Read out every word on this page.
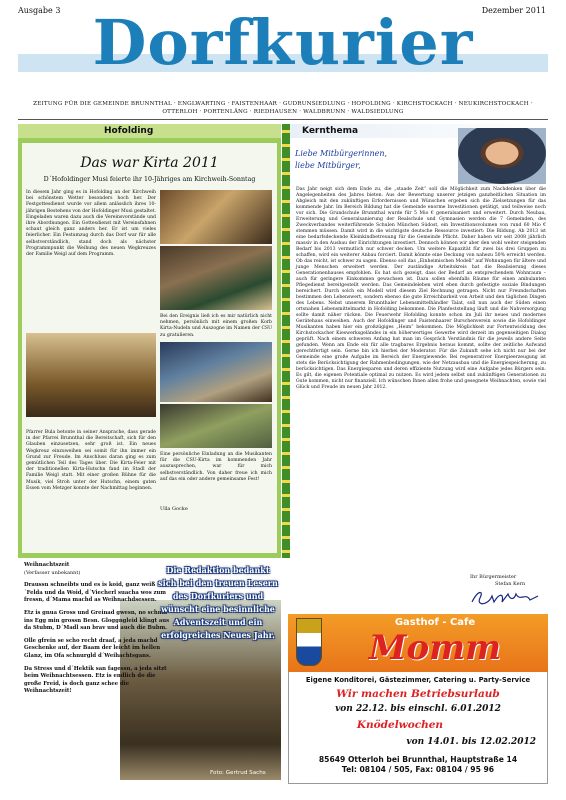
Ausgabe 3	Dezember 2011
Dorfkurier
ZEITUNG FÜR DIE GEMEINDE BRUNNTHAL · ENGLWARTING · FAISTENHAAR · GUDRUNSIEDLUNG · HOFOLDING · KIRCHSTOCKACH · NEUKIRCHSTOCKACH · OTTERLOH · PORTENLÄNG · RIEDHAUSEN · WALDBRUNN · WALDSIEDLUNG
Hofolding
Das war Kirta 2011
D´Hofoldinger Musi feierte ihr 10-Jähriges am Kirchweih-Sonntag
In diesem Jahr ging es in Hofolding an der Kirchweih bei schönstem Wetter besonders hoch her. Der Festgottesdienst wurde vor allem anlässlich ihres 10-jährigen Bestehens von der Hofoldinger Musi gestaltet. Eingeladen waren dazu auch die Vereinsvorstände und ihre Abordnungen. Ein Gottesdienst mit Vereinsfahnen schaut gleich ganz anders her. Er ist um vieles feierlicher. Ein Festumzug durch das Dorf war für alle selbstverständlich, stand doch als nächster Programmpunkt die Weihung des neuen Wegkreuzes der Familie Weigl auf dem Programm.
Bei den Ereignis ließ ich es mir natürlich nicht nehmen, persönlich mit einem großen Korb Kirta-Nudeln und Auszogne im Namen der CSU zu gratulieren.
Pfarrer Bula betonte in seiner Ansprache, dass gerade in der Pfarrei Brunnthal die Bereitschaft, sich für den Glauben einzusetzen, sehr groß ist. Ein neues Wegkreuz einzuweihen sei somit für ihn immer ein Grund zur Freude. Im Anschluss daran ging es zum gemütlichen Teil des Tages über. Die Kirta-Feier mit der traditionellen Kirta-Hutschn fand im Stadl der Familie Weigl statt. Mit einer großen Bühne für die Musik, viel Stroh unter der Hutschn, einem guten Essen vom Metzger konnte der Nachmittag beginnen.
Eine persönliche Einladung an die Musikanten für die CSU-Kirta im kommenden Jahr auszusprechen, war für mich selbstverständlich. Von daher freue ich mich auf das ein oder andere gemeinsame Fest!
Ulla Gocke
Kernthema
Liebe Mitbürgerinnen,
liebe Mitbürger,
Das Jahr neigt sich dem Ende zu, die „staade Zeit“ soll die Möglichkeit zum Nachdenken über die Angelegenheiten des Jahres bieten. Aus der Bewertung unserer jetzigen ganzheitlichen Situation im Abgleich mit den zukünftigen Erfordernissen und Wünschen ergeben sich die Zielsetzungen für das kommende Jahr. Im Bereich Bildung hat die Gemeinde enorme Investitionen getätigt, und teilweise noch vor sich. Die Grundschule Brunnthal wurde für 5 Mio € generalsaniert und erweitert. Durch Neubau, Erweiterung und Generalsanierung der Realschule und Gymnasien werden die 7 Gemeinden, des Zweckverbandes weiterführende Schulen München Südost, ein Investitionsvolumen von rund 60 Mio € stemmen müssen. Damit wird in die wichtigste deutsche Ressource investiert: Die Bildung. Ab 2013 ist eine bedarfsdeckende Kleinkindbetreuung für die Gemeinde Pflicht. Daher haben wir seit 2008 jährlich massiv in den Ausbau der Einrichtungen investiert. Dennoch können wir aber den wohl weiter steigenden Bedarf bis 2013 vermutlich nur schwer decken. Um weitere Kapazität für zwei bis drei Gruppen zu schaffen, wird ein weiterer Anbau forciert. Damit könnte eine Deckung von nahezu 50% erreicht werden. Ob das reicht, ist schwer zu sagen. Ebenso soll das „Einheimischen Modell“ auf Wohnungen für ältere und junge Menschen erweitert werden. Der zuständige Arbeitskreis hat die Realisierung dieses Generationenhauses empfohlen. Es hat sich gezeigt, dass der Bedarf an entsprechendem Wohnraum – auch für geringere Einkommen gewachsen ist. Dazu sollen ebenfalls Räume für einen ambulanten Pflegedienst bereitgestellt werden. Das Gemeindeleben wird eben durch gefestigte soziale Bindungen bereichert. Durch solch ein Modell wird diesem Ziel Rechnung getragen. Nicht nur Freundschaften bestimmen den Lebenswert, sondern ebenso die gute Erreichbarkeit von Arbeit und den täglichen Dingen des Lebens. Nebst unserem Brunnthaler Lebensmittelhändler Talat, soll nun auch der Süden einen ortsnahen Lebensmittelmarkt in Hofolding bekommen. Die Planfeststellung läuft und die Nahversorgung sollte damit näher rücken. Die Feuerwehr Hofolding konnte schon im Juli ihr neues und modernes Gerätehaus einweihen. Auch der Hofoldinger und Faistenhaarer Burschenverein sowie die Hofoldinger Musikanten haben hier ein großzügiges „Heim“ bekommen. Die Möglichkeit zur Fortentwicklung des Kirchstockacher Kieswerksgeländes in ein höherwertiges Gewerbe wird derzeit im gegenseitigen Dialog geprüft. Nach einem schweren Anfang hat man im Gespräch Verständnis für die jeweils andere Seite gefunden. Wenn am Ende ein für alle tragbares Ergebnis heraus kommt, sollte der zeitliche Aufwand gerechtfertigt sein. Gerne bin ich hierbei der Moderator. Für die Zukunft sehe ich nicht nur bei der Gemeinde eine große Aufgabe im Bereich der Energiewende. Bei regenerativer Energieerzeugung ist stets die Berücksichtigung der Rahmenbedingungen, wie der Netzausbau und die Energiespeicherung, zu berücksichtigen. Das Energiesparen und deren effiziente Nutzung wird eine Aufgabe jedes Bürgers sein. Es gilt, die eigenen Potentiale optimal zu nutzen. Es wird jedem selbst und zukünftigen Generationen zu Gute kommen, nicht nur finanziell. Ich wünschen Ihnen allen frohe und gesegnete Weihnachten, sowie viel Glück und Freude im neuen Jahr 2012.
Ihr Bürgermeister
Stefan Kern
Weihnachtszeit
(Verfasser unbekannt)
Draussn schneibts und es is koid, ganz weiß san d´Felda und da Woid, d´Viecherl suacha wos zum fressn, d´Mama machd as Weihnachdsessen.
Etz is gnua Gross und Greinad gwesn, no schnai ins Egg min grossn Besn. Gloggngleid klingt aus da Stubm, D´Madl san brav und auch die Bubm.
Olle gfrein se scho recht draaf, a jeda machd Geschenke auf, der Baam der leicht im hellen Glanz, im Ofa schnurgld d´Weihachtsgans.
Da Stress und d´Hektik san fagessn, a jeda sitzt beim Weihnachtsessen. Etz is endlich do die große Freid, is doch ganz schee die Weihnachtszeit!
Die Redaktion bedankt sich bei den treuen Lesern des Dorfkuriers und wünscht eine besinnliche Adventszeit und ein erfolgreiches Neues Jahr.
Foto: Gertrud Sachs
Gasthof - Cafe
Momm
Eigene Konditorei, Gästezimmer, Catering u. Party-Service
Wir machen Betriebsurlaub
von 22.12. bis einschl. 6.01.2012
Knödelwochen
von 14.01. bis 12.02.2012
85649 Otterloh bei Brunnthal, Hauptstraße 14
Tel: 08104 / 505, Fax: 08104 / 95 96
